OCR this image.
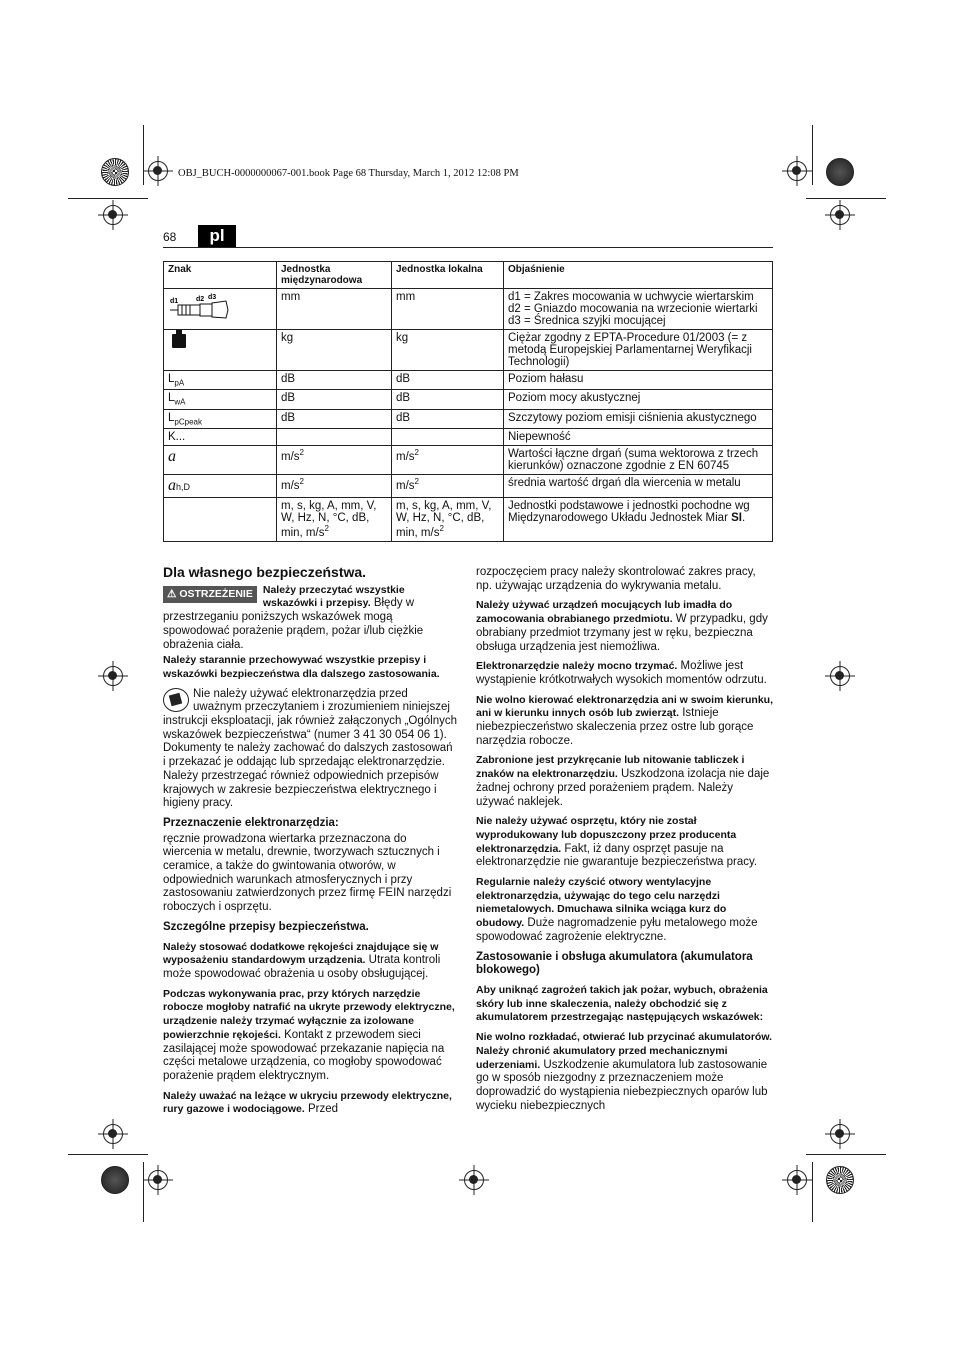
OBJ_BUCH-0000000067-001.book Page 68 Thursday, March 1, 2012 12:08 PM
68	pl
Znak	Jednostka międzynarodowa	Jednostka lokalna	Objaśnienie

d1 d2 d3	mm	mm	d1 = Zakres mocowania w uchwycie wiertarskim d2 = Gniazdo mocowania na wrzecionie wiertarki d3 = Średnica szyjki mocującej

	kg	kg	Ciężar zgodny z EPTA-Procedure 01/2003 (= z metodą Europejskiej Parlamentarnej Weryfikacji Technologii)
$L_{pA}$	dB	dB	Poziom hałasu
$L_{wA}$	dB	dB	Poziom mocy akustycznej
$L_{pCpeak}$	dB	dB	Szczytowy poziom emisji ciśnienia akustycznego
K...			Niepewność
a	$m/s^2$	$m/s^2$	Wartości łączne drgań (suma wektorowa z trzech kierunków) oznaczone zgodnie z EN 60745
ah,D	$m/s^2$	$m/s^2$	średnia wartość drgań dla wiercenia w metalu
	m, s, kg, A, mm, V, W, Hz, N, °C, dB, min, $m/s^2$	m, s, kg, A, mm, V, W, Hz, N, °C, dB, min, $m/s^2$	Jednostki podstawowe i jednostki pochodne wg Międzynarodowego Układu Jednostek Miar SI.
Dla własnego bezpieczeństwa.

⚠ OSTRZEŻENIE Należy przeczytać wszystkie wskazówki i przepisy. Błędy w przestrzeganiu poniższych wskazówek mogą spowodować porażenie prądem, pożar i/lub ciężkie obrażenia ciała.

Należy starannie przechowywać wszystkie przepisy i wskazówki bezpieczeństwa dla dalszego zastosowania.

Nie należy używać elektronarzędzia przed uważnym przeczytaniem i zrozumieniem niniejszej instrukcji eksploatacji, jak również załączonych „Ogólnych wskazówek bezpieczeństwa“ (numer 3 41 30 054 06 1). Dokumenty te należy zachować do dalszych zastosowań i przekazać je oddając lub sprzedając elektronarzędzie.

Należy przestrzegać również odpowiednich przepisów krajowych w zakresie bezpieczeństwa elektrycznego i higieny pracy.

Przeznaczenie elektronarzędzia:

ręcznie prowadzona wiertarka przeznaczona do wiercenia w metalu, drewnie, tworzywach sztucznych i ceramice, a także do gwintowania otworów, w odpowiednich warunkach atmosferycznych i przy zastosowaniu zatwierdzonych przez firmę FEIN narzędzi roboczych i osprzętu.

Szczególne przepisy bezpieczeństwa.

Należy stosować dodatkowe rękojeści znajdujące się w wyposażeniu standardowym urządzenia. Utrata kontroli może spowodować obrażenia u osoby obsługującej.

Podczas wykonywania prac, przy których narzędzie robocze mogłoby natrafić na ukryte przewody elektryczne, urządzenie należy trzymać wyłącznie za izolowane powierzchnie rękojeści. Kontakt z przewodem sieci zasilającej może spowodować przekazanie napięcia na części metalowe urządzenia, co mogłoby spowodować porażenie prądem elektrycznym.

Należy uważać na leżące w ukryciu przewody elektryczne, rury gazowe i wodociągowe. Przed

rozpoczęciem pracy należy skontrolować zakres pracy, np. używając urządzenia do wykrywania metalu.

Należy używać urządzeń mocujących lub imadła do zamocowania obrabianego przedmiotu. W przypadku, gdy obrabiany przedmiot trzymany jest w ręku, bezpieczna obsługa urządzenia jest niemożliwa.

Elektronarzędzie należy mocno trzymać. Możliwe jest wystąpienie krótkotrwałych wysokich momentów odrzutu.

Nie wolno kierować elektronarzędzia ani w swoim kierunku, ani w kierunku innych osób lub zwierząt. Istnieje niebezpieczeństwo skaleczenia przez ostre lub gorące narzędzia robocze.

Zabronione jest przykręcanie lub nitowanie tabliczek i znaków na elektronarzędziu. Uszkodzona izolacja nie daje żadnej ochrony przed porażeniem prądem. Należy używać naklejek.

Nie należy używać osprzętu, który nie został wyprodukowany lub dopuszczony przez producenta elektronarzędzia. Fakt, iż dany osprzęt pasuje na elektronarzędzie nie gwarantuje bezpieczeństwa pracy.

Regularnie należy czyścić otwory wentylacyjne elektronarzędzia, używając do tego celu narzędzi niemetalowych. Dmuchawa silnika wciąga kurz do obudowy. Duże nagromadzenie pyłu metalowego może spowodować zagrożenie elektryczne.

Zastosowanie i obsługa akumulatora (akumulatora blokowego)

Aby uniknąć zagrożeń takich jak pożar, wybuch, obrażenia skóry lub inne skaleczenia, należy obchodzić się z akumulatorem przestrzegając następujących wskazówek:

Nie wolno rozkładać, otwierać lub przycinać akumulatorów. Należy chronić akumulatory przed mechanicznymi uderzeniami. Uszkodzenie akumulatora lub zastosowanie go w sposób niezgodny z przeznaczeniem może doprowadzić do wystąpienia niebezpiecznych oparów lub wycieku niebezpiecznych
